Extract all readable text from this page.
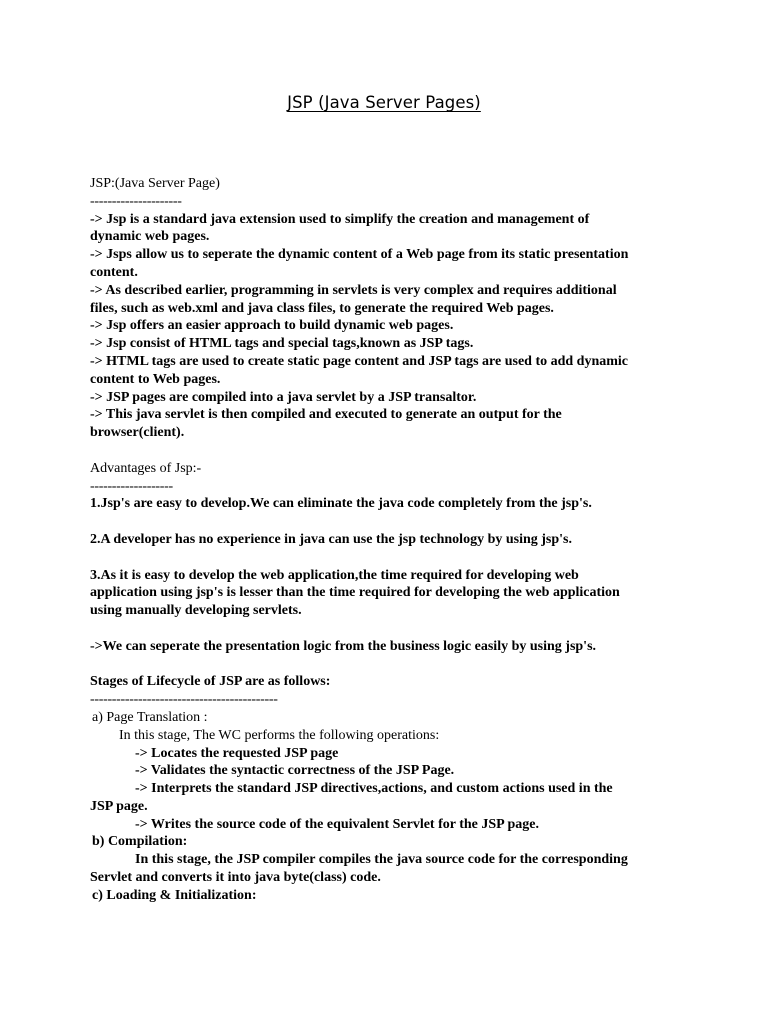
JSP (Java Server Pages)
JSP:(Java Server Page)
---------------------
-> Jsp is a standard java extension used to simplify the creation and management of
dynamic web pages.
-> Jsps allow us to seperate the dynamic content of a Web page from its static presentation
content.
-> As described earlier, programming in servlets is very complex and requires additional
files, such as web.xml and java class files, to generate the required Web pages.
-> Jsp offers an easier approach to build dynamic web pages.
-> Jsp consist of HTML tags and special tags,known as JSP tags.
-> HTML tags are used to create static page content and JSP tags are used to add dynamic
content to Web pages.
-> JSP pages are compiled into a java servlet by a JSP transaltor.
-> This java servlet is then compiled and executed to generate an output for the
browser(client).
Advantages of Jsp:-
-------------------
1.Jsp's are easy to develop.We can eliminate the java code completely from the jsp's.
2.A developer has no experience in java can use the jsp technology by using jsp's.
3.As it is easy to develop the web application,the time required for developing web
application using jsp's is lesser than the time required for developing the web application
using manually developing servlets.
->We can seperate the presentation logic from the business logic easily by using jsp's.
Stages of Lifecycle of JSP are as follows:
-------------------------------------------
a) Page Translation :
In this stage, The WC performs the following operations:
-> Locates the requested JSP page
-> Validates the syntactic correctness of the JSP Page.
-> Interprets the standard JSP directives,actions, and custom actions used in the
JSP page.
-> Writes the source code of the equivalent Servlet for the JSP page.
b) Compilation:
In this stage, the JSP compiler compiles the java source code for the corresponding
Servlet and converts it into java byte(class) code.
c) Loading & Initialization:
